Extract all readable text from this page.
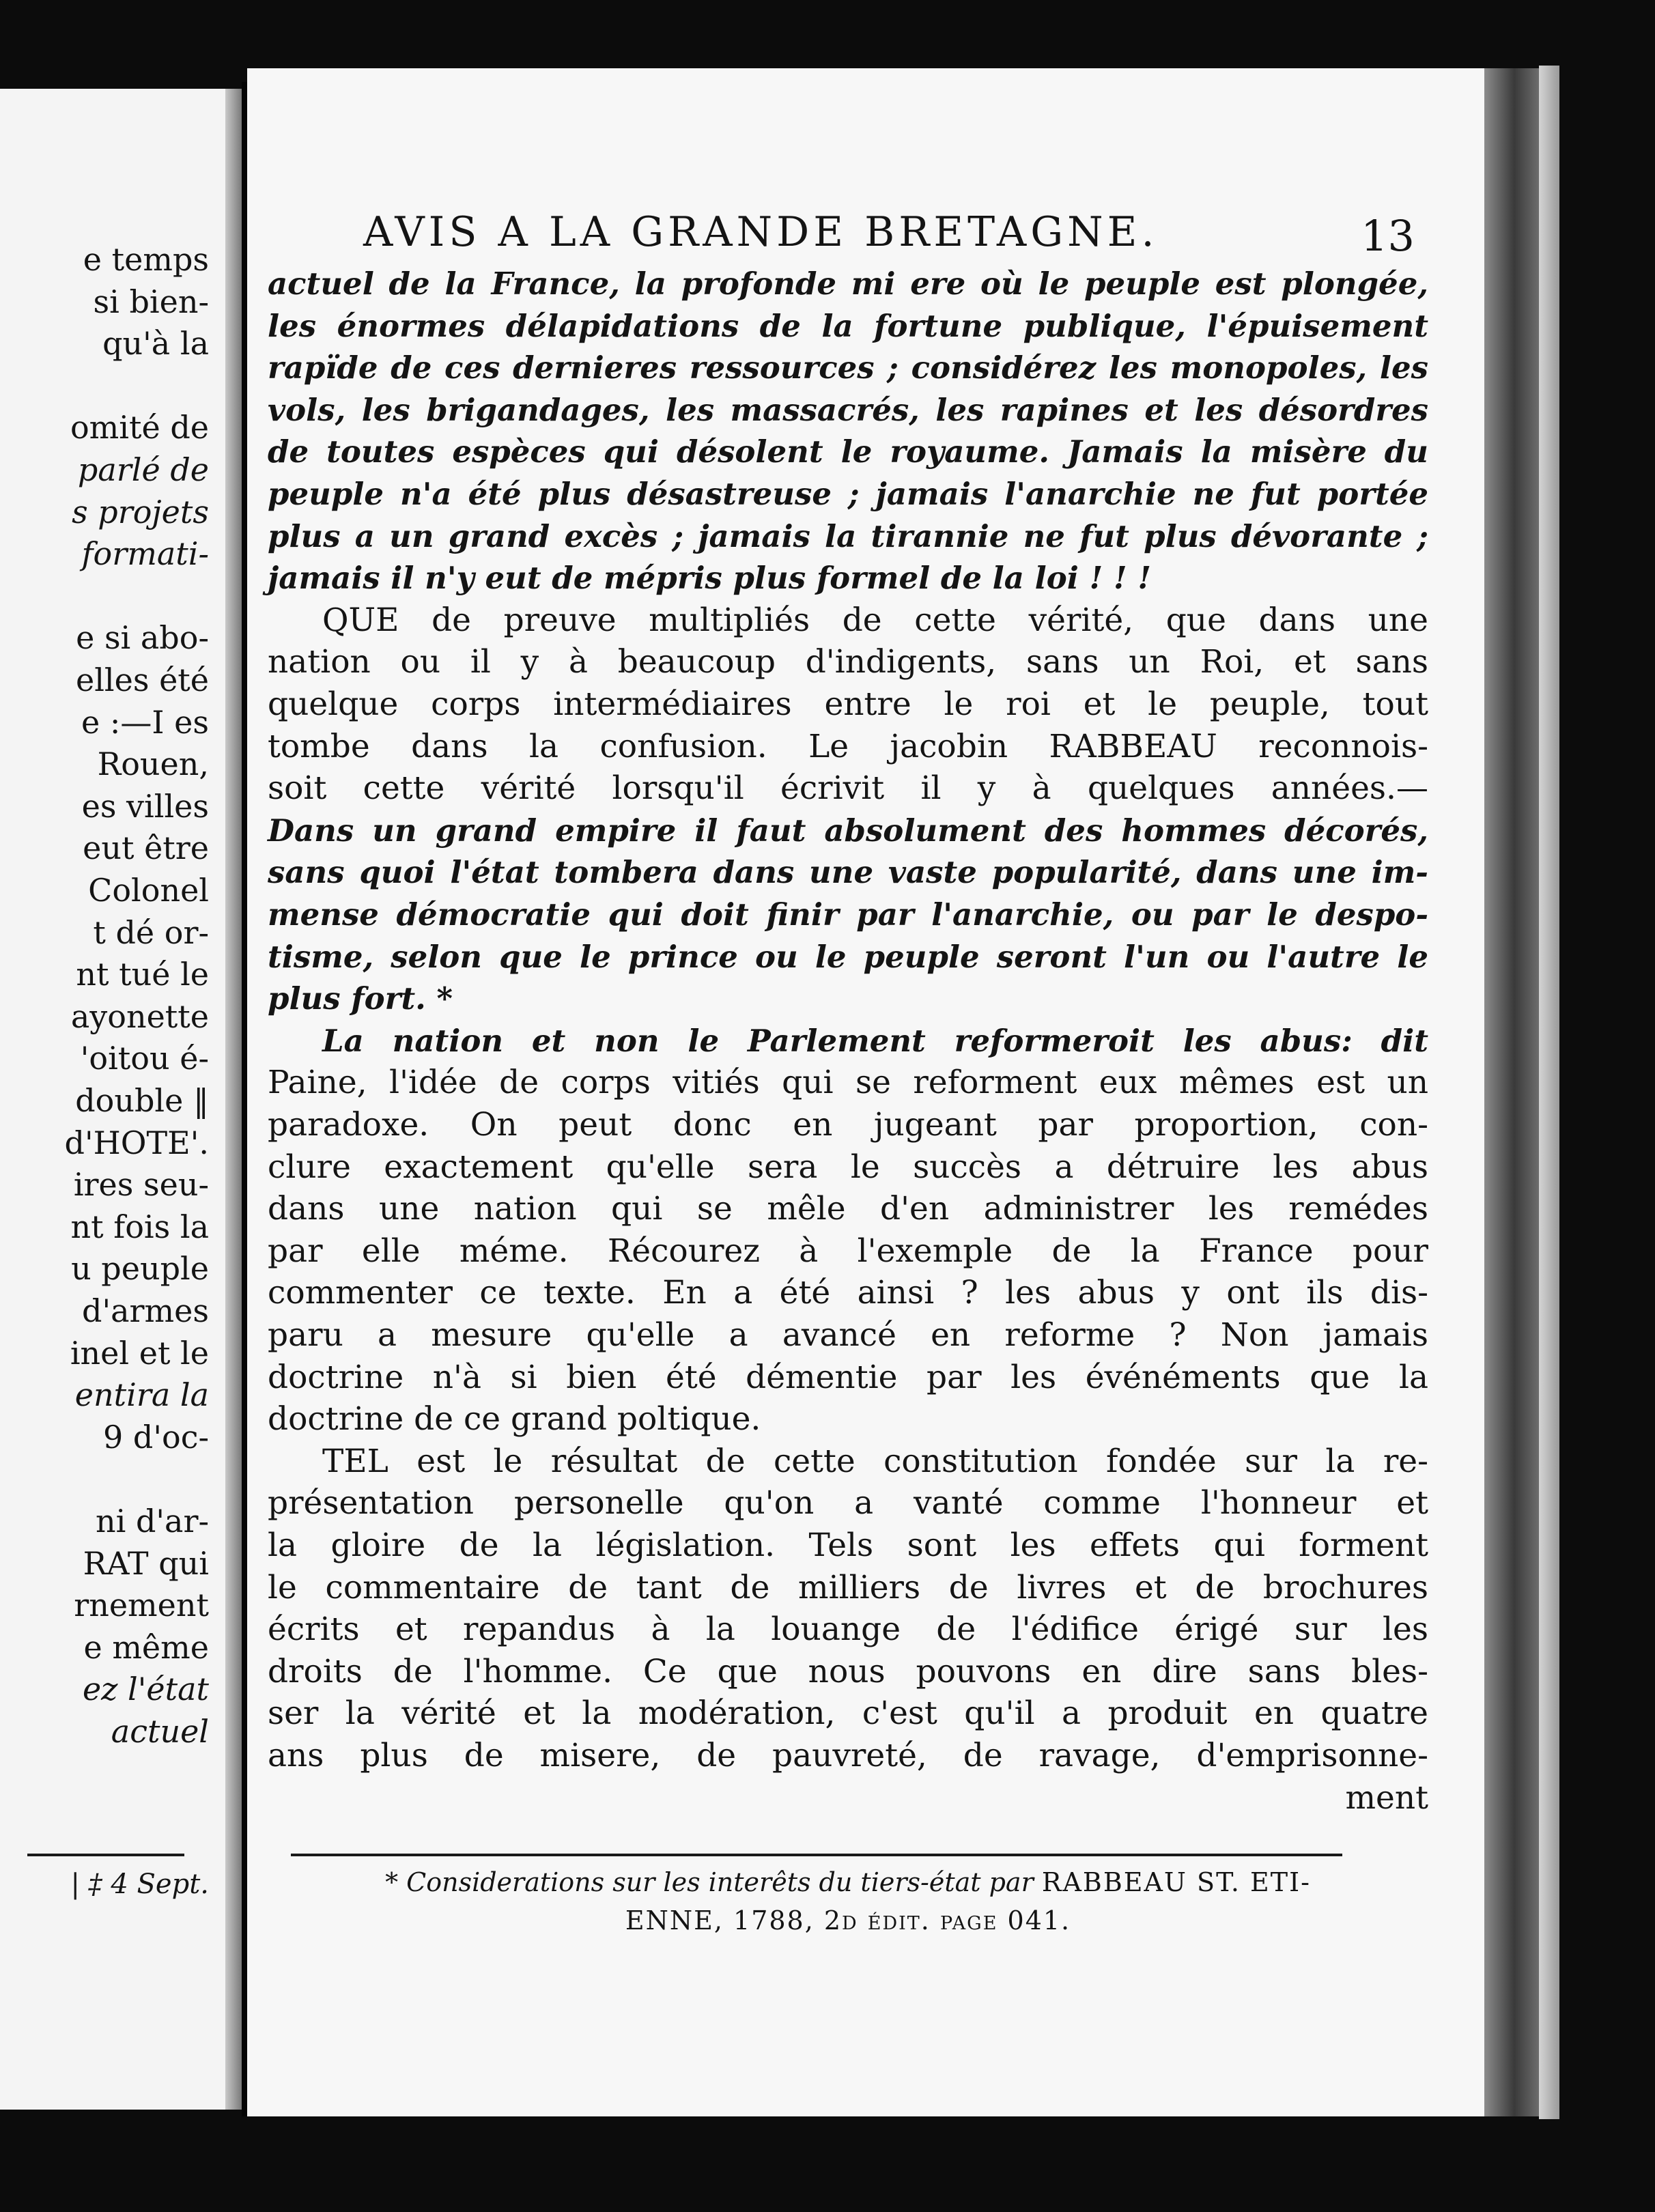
e temps
si bien-
qu'à la
omité de
parlé de
s projets
formati-
e si abo-
elles été
e :—I es
Rouen,
es villes
eut être
Colonel
t dé or-
nt tué le
ayonette
'oitou é-
double ‖
d'HOTE'.
ires seu-
nt fois la
u peuple
d'armes
inel et le
entira la
9 d'oc-
ni d'ar-
RAT qui
rnement
e même
ez l'état
actuel
| ‡ 4 Sept.
AVIS A LA GRANDE BRETAGNE.	13
actuel de la France, la profonde mi ere où le peuple est plongée,
les énormes délapidations de la fortune publique, l'épuisement
rapïde de ces dernieres ressources ; considérez les monopoles, les
vols, les brigandages, les massacrés, les rapines et les désordres
de toutes espèces qui désolent le royaume. Jamais la misère du
peuple n'a été plus désastreuse ; jamais l'anarchie ne fut portée
plus a un grand excès ; jamais la tirannie ne fut plus dévorante ;
jamais il n'y eut de mépris plus formel de la loi ! ! !
QUE de preuve multipliés de cette vérité, que dans une
nation ou il y à beaucoup d'indigents, sans un Roi, et sans
quelque corps intermédiaires entre le roi et le peuple, tout
tombe dans la confusion. Le jacobin RABBEAU reconnois-
soit cette vérité lorsqu'il écrivit il y à quelques années.—
Dans un grand empire il faut absolument des hommes décorés,
sans quoi l'état tombera dans une vaste popularité, dans une im-
mense démocratie qui doit finir par l'anarchie, ou par le despo-
tisme, selon que le prince ou le peuple seront l'un ou l'autre le
plus fort. *
La nation et non le Parlement reformeroit les abus: dit
Paine, l'idée de corps vitiés qui se reforment eux mêmes est un
paradoxe. On peut donc en jugeant par proportion, con-
clure exactement qu'elle sera le succès a détruire les abus
dans une nation qui se mêle d'en administrer les remédes
par elle méme. Récourez à l'exemple de la France pour
commenter ce texte. En a été ainsi ? les abus y ont ils dis-
paru a mesure qu'elle a avancé en reforme ? Non jamais
doctrine n'à si bien été démentie par les événéments que la
doctrine de ce grand poltique.
TEL est le résultat de cette constitution fondée sur la re-
présentation personelle qu'on a vanté comme l'honneur et
la gloire de la législation. Tels sont les effets qui forment
le commentaire de tant de milliers de livres et de brochures
écrits et repandus à la louange de l'édifice érigé sur les
droits de l'homme. Ce que nous pouvons en dire sans bles-
ser la vérité et la modération, c'est qu'il a produit en quatre
ans plus de misere, de pauvreté, de ravage, d'emprisonne-
ment
* Considerations sur les interêts du tiers-état par RABBEAU ST. ETI-
ENNE, 1788, 2d édit. page 041.
